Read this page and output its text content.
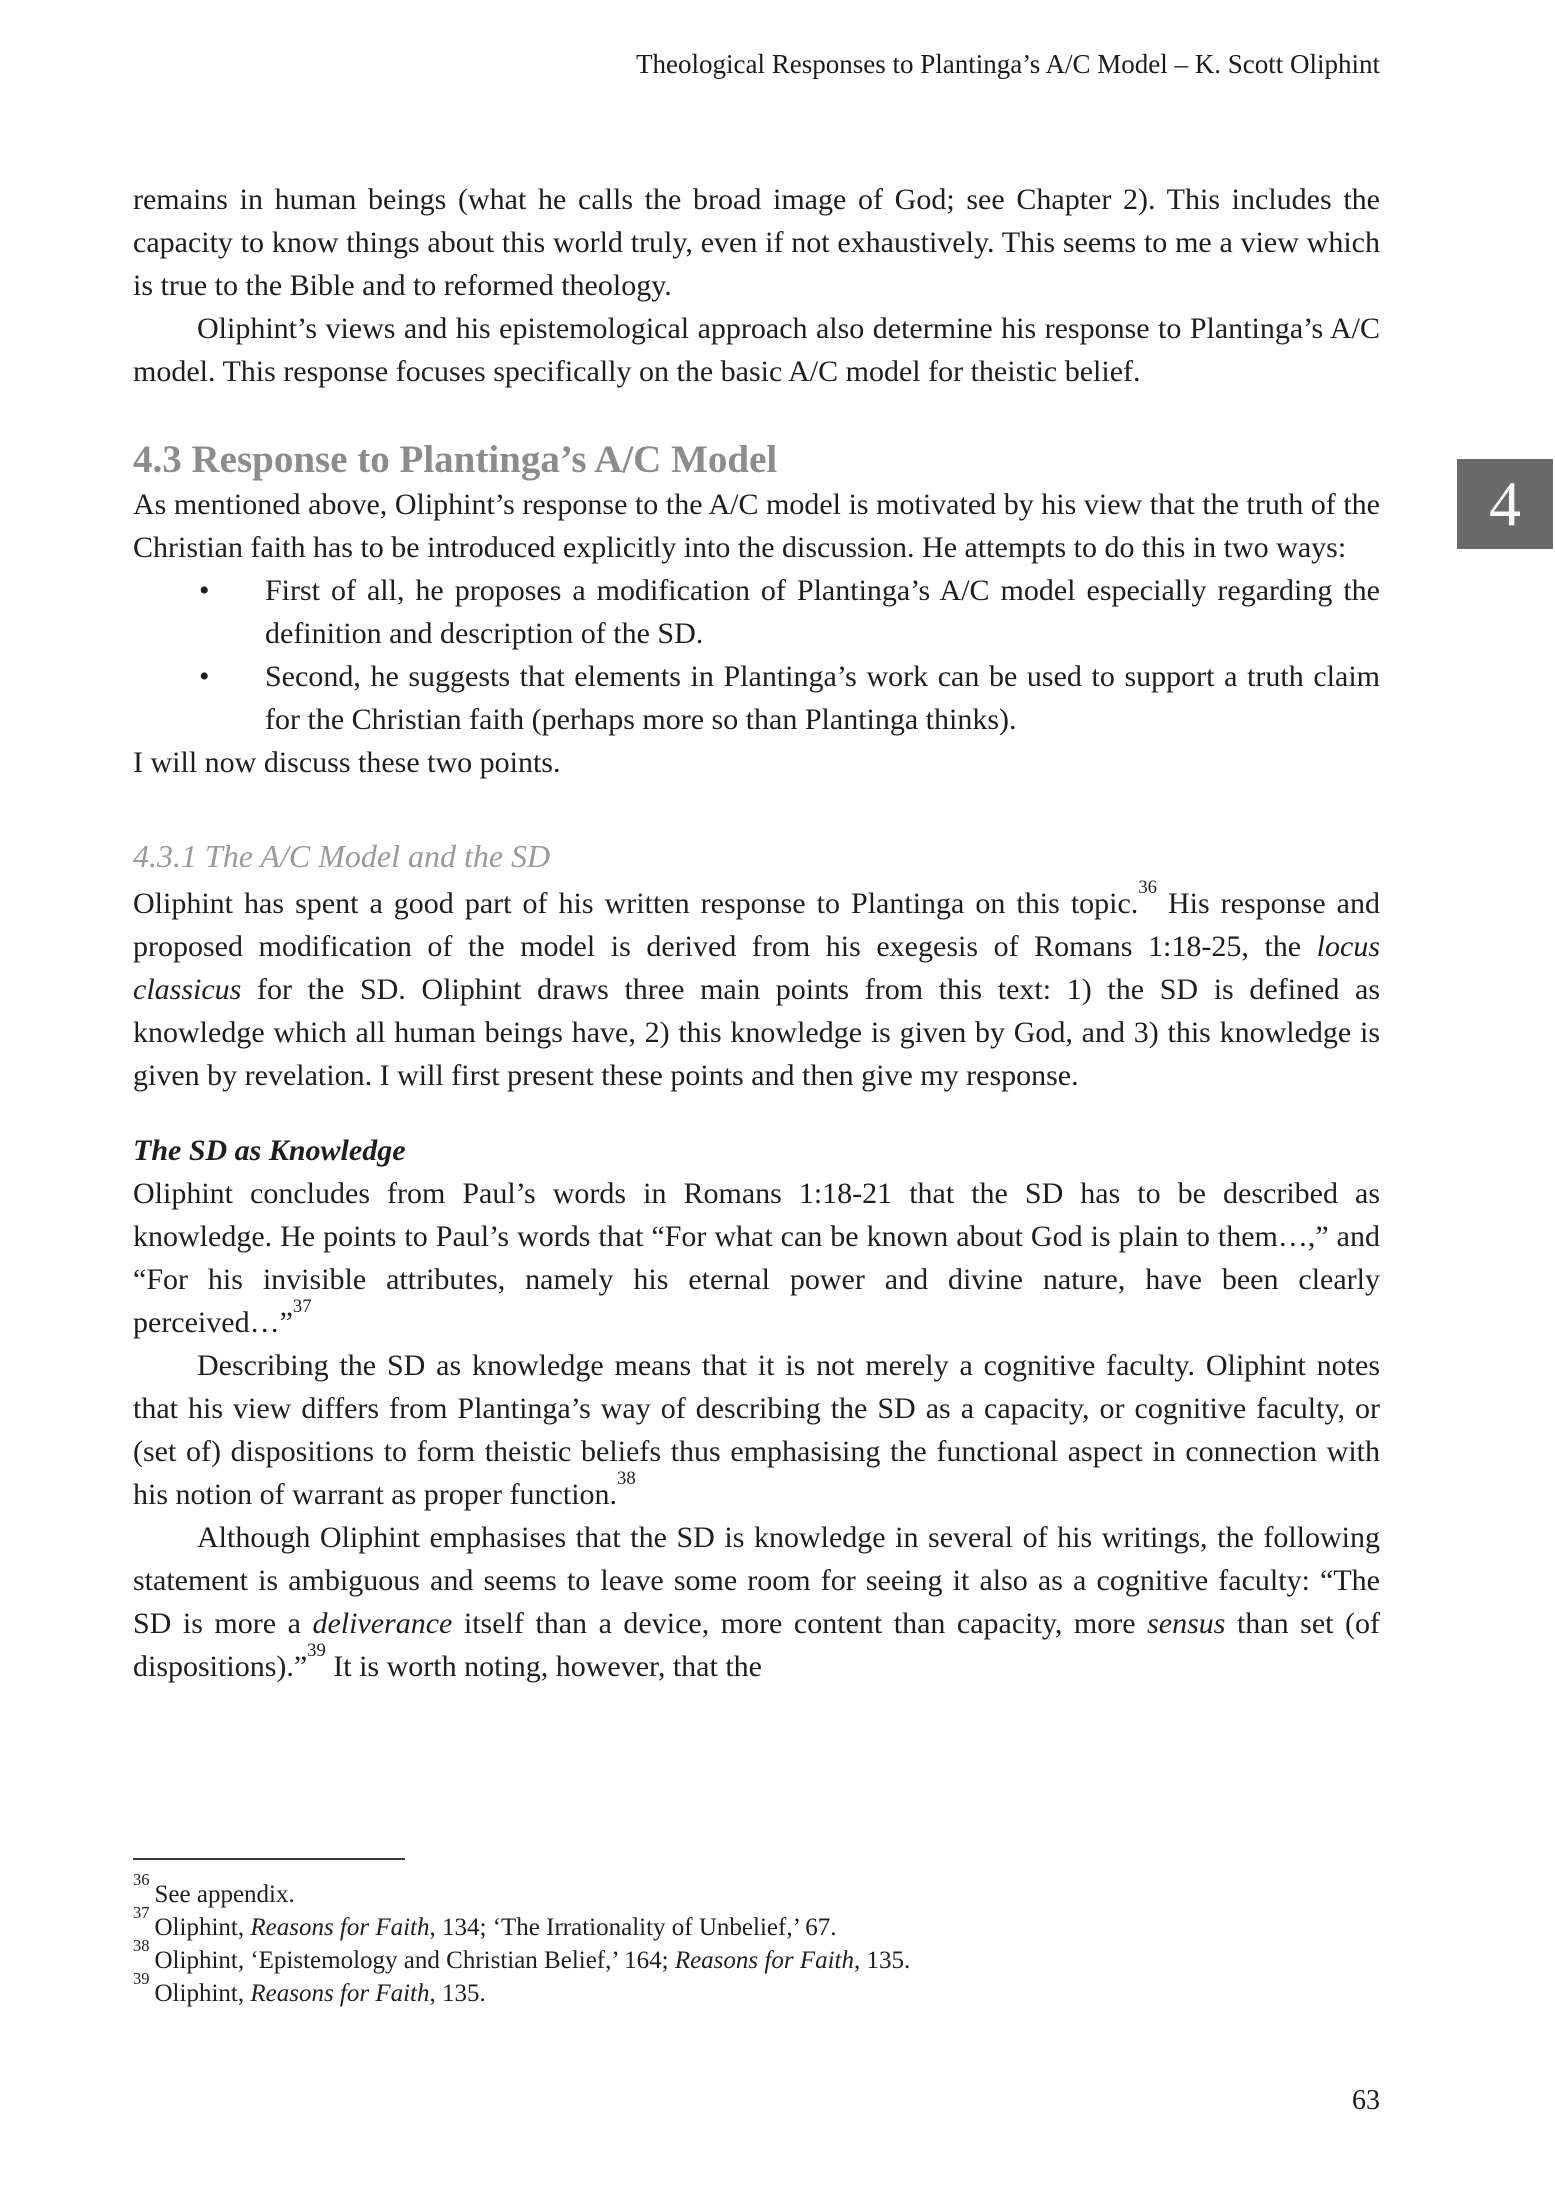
Theological Responses to Plantinga’s A/C Model – K. Scott Oliphint
4

remains in human beings (what he calls the broad image of God; see Chapter 2). This includes the capacity to know things about this world truly, even if not exhaustively. This seems to me a view which is true to the Bible and to reformed theology.

Oliphint’s views and his epistemological approach also determine his response to Plantinga’s A/C model. This response focuses specifically on the basic A/C model for theistic belief.

4.3 Response to Plantinga’s A/C Model

As mentioned above, Oliphint’s response to the A/C model is motivated by his view that the truth of the Christian faith has to be introduced explicitly into the discussion. He attempts to do this in two ways:

•	First of all, he proposes a modification of Plantinga’s A/C model especially regarding the definition and description of the SD.
•	Second, he suggests that elements in Plantinga’s work can be used to support a truth claim for the Christian faith (perhaps more so than Plantinga thinks).

I will now discuss these two points.

4.3.1 The A/C Model and the SD

Oliphint has spent a good part of his written response to Plantinga on this topic.$^{36}$ His response and proposed modification of the model is derived from his exegesis of Romans 1:18-25, the locus classicus for the SD. Oliphint draws three main points from this text: 1) the SD is defined as knowledge which all human beings have, 2) this knowledge is given by God, and 3) this knowledge is given by revelation. I will first present these points and then give my response.

The SD as Knowledge

Oliphint concludes from Paul’s words in Romans 1:18-21 that the SD has to be described as knowledge. He points to Paul’s words that “For what can be known about God is plain to them…,” and “For his invisible attributes, namely his eternal power and divine nature, have been clearly perceived…”$^{37}$

Describing the SD as knowledge means that it is not merely a cognitive faculty. Oliphint notes that his view differs from Plantinga’s way of describing the SD as a capacity, or cognitive faculty, or (set of) dispositions to form theistic beliefs thus emphasising the functional aspect in connection with his notion of warrant as proper function.$^{38}$

Although Oliphint emphasises that the SD is knowledge in several of his writings, the following statement is ambiguous and seems to leave some room for seeing it also as a cognitive faculty: “The SD is more a deliverance itself than a device, more content than capacity, more sensus than set (of dispositions).”$^{39}$ It is worth noting, however, that the

$^{36}$See appendix.
$^{37}$Oliphint, Reasons for Faith, 134; ‘The Irrationality of Unbelief,’ 67.
$^{38}$Oliphint, ‘Epistemology and Christian Belief,’ 164; Reasons for Faith, 135.
$^{39}$Oliphint, Reasons for Faith, 135.
63
